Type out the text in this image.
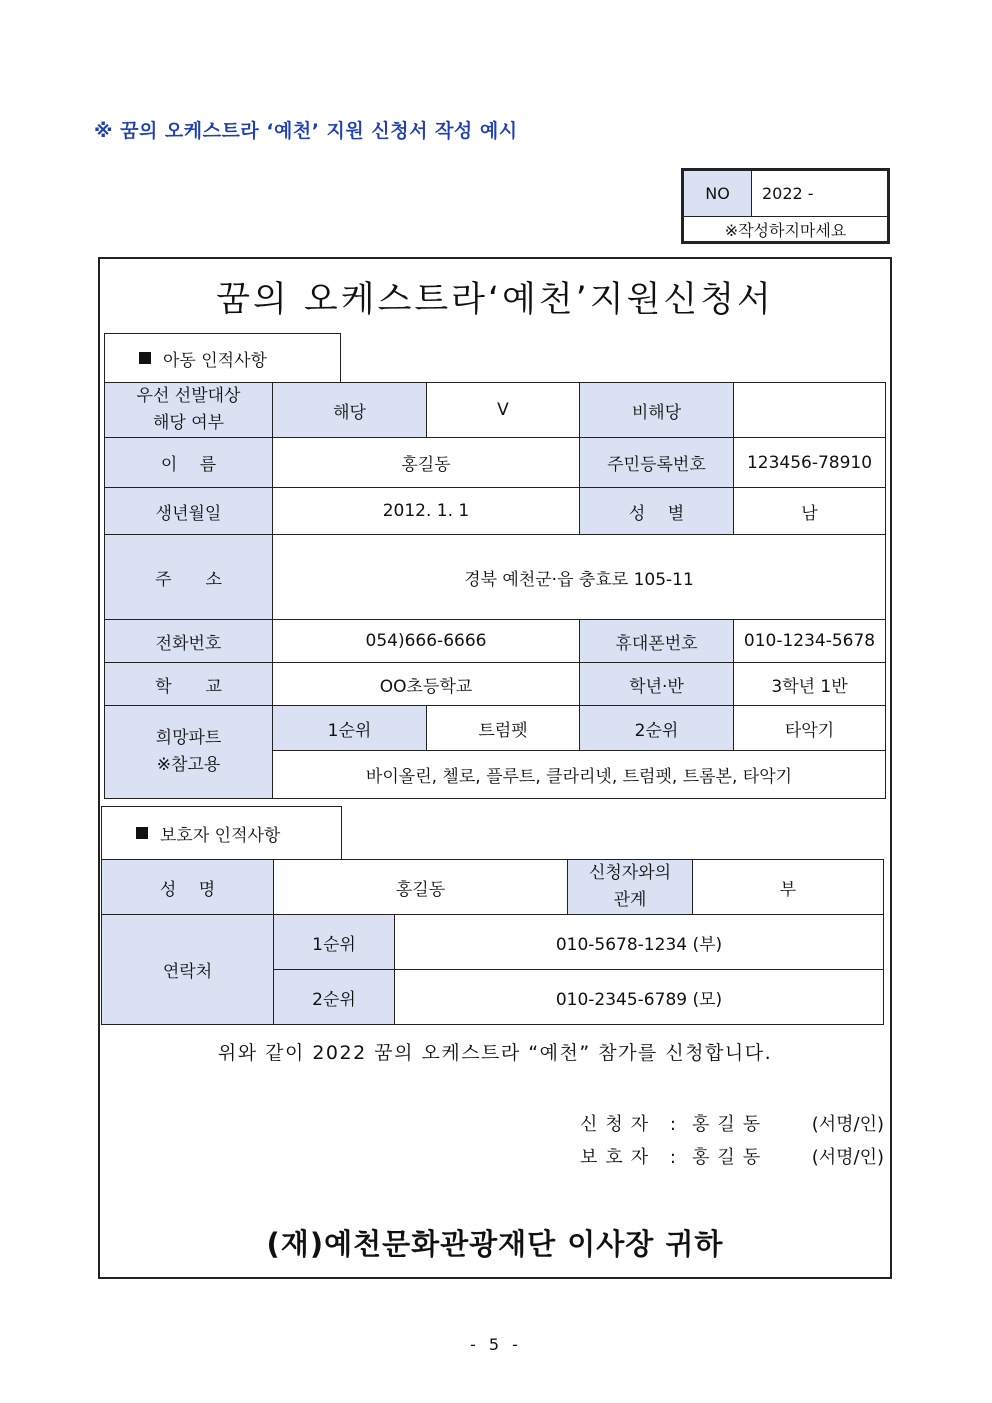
※ 꿈의 오케스트라 ‘예천’ 지원 신청서 작성 예시
NO	2022 -
※작성하지마세요
꿈의 오케스트라‘예천’지원신청서
아동 인적사항
우선 선발대상
해당 여부	해당	V	비해당	
이　 름	홍길동		주민등록번호	123456-78910
생년월일	2012. 1. 1		성　 별	남
주　　소	경북 예천군·읍 충효로 105-11			
전화번호	054)666-6666		휴대폰번호	010-1234-5678
학　　교	OO초등학교		학년·반	3학년 1반

희망파트
※참고용	1순위	트럼펫	2순위	타악기
	바이올린, 첼로, 플루트, 클라리넷, 트럼펫, 트롬본, 타악기			
보호자 인적사항
성　 명	홍길동		신청자와의
관계	부
연락처	1순위	010-5678-1234 (부)		
	2순위	010-2345-6789 (모)		
위와 같이 2022 꿈의 오케스트라 “예천” 참가를 신청합니다.
신청자 : 홍길동	(서명/인)
보호자 : 홍길동	(서명/인)
(재)예천문화관광재단 이사장 귀하
- 5 -
